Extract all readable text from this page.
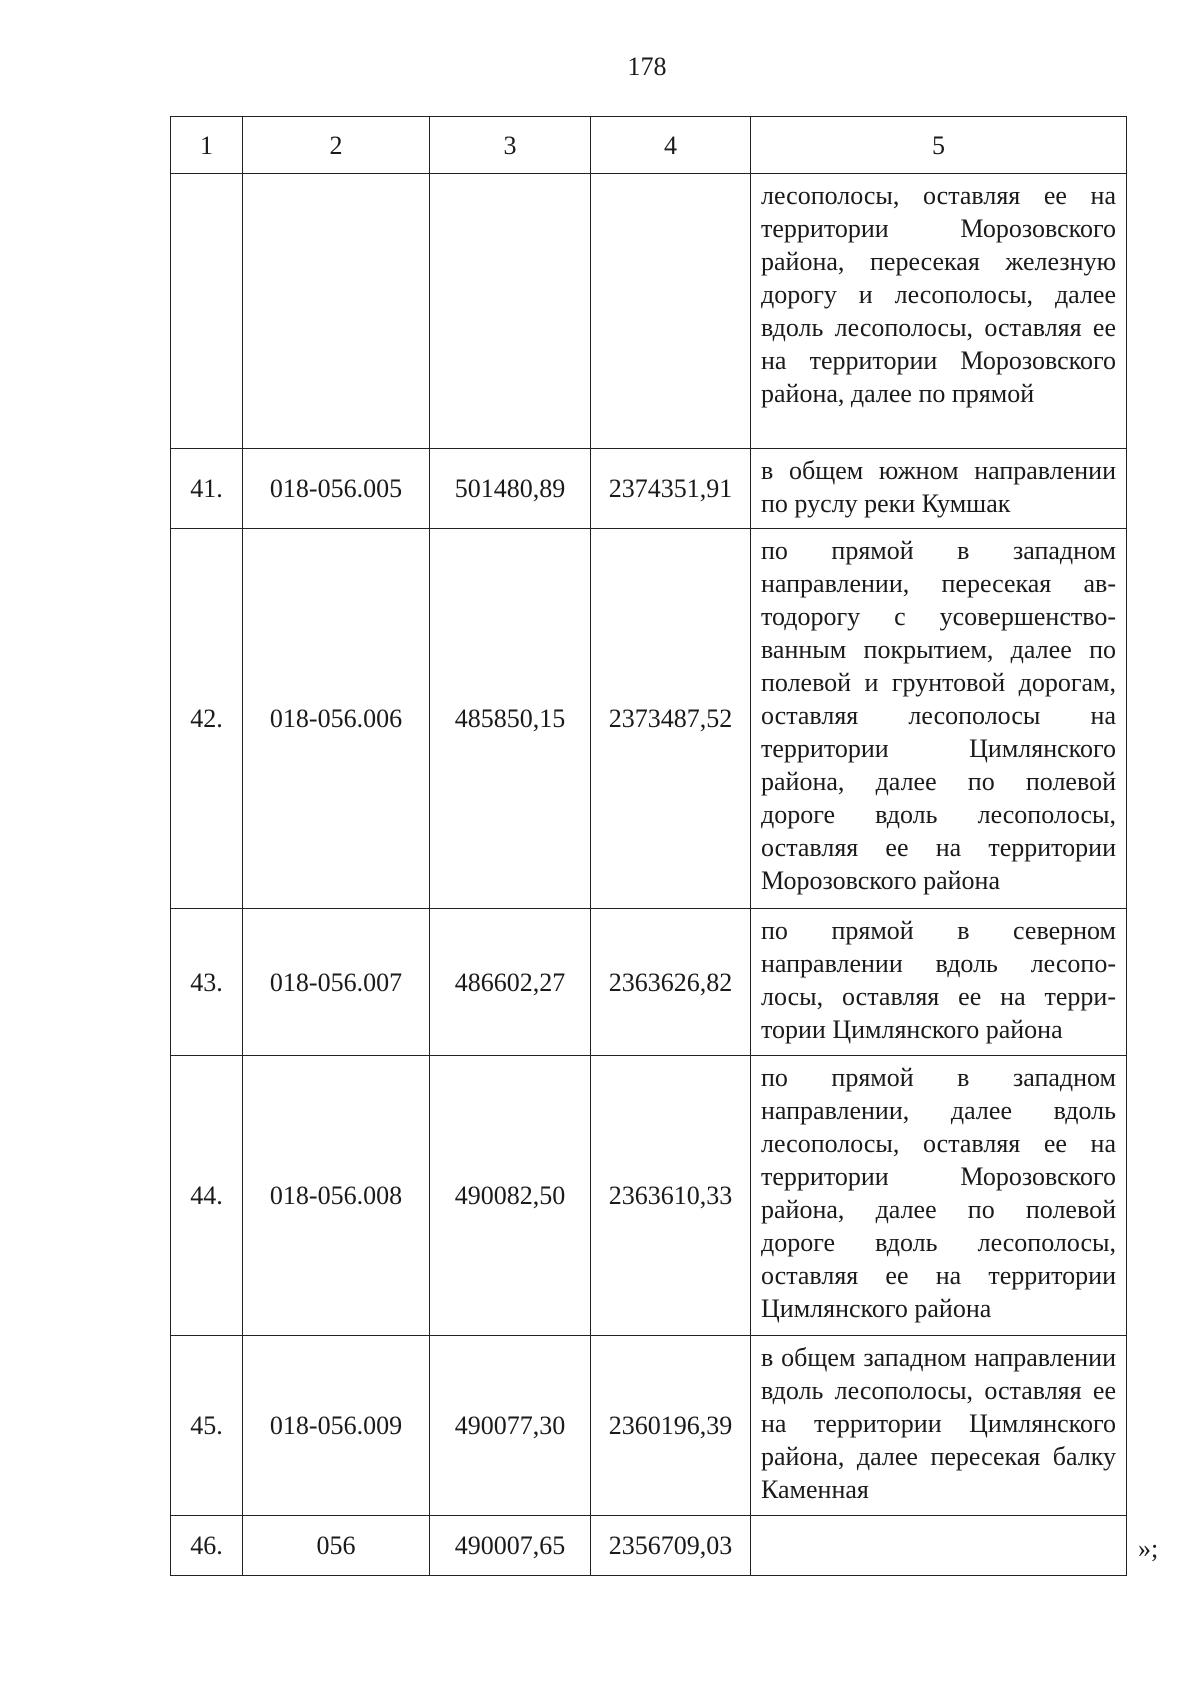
178
1	2	3	4	5
				лесополосы, оставляя ее на территории Морозовского района, пересекая железную дорогу и лесополосы, далее вдоль лесополосы, оставляя ее на территории Морозовского района, далее по прямой
41.	018-056.005	501480,89	2374351,91	в общем южном направлении по руслу реки Кумшак
42.	018-056.006	485850,15	2373487,52	по прямой в западном направлении, пересекая автодорогу с усовершенствованным покрытием, далее по полевой и грунтовой дорогам, оставляя лесополосы на территории Цимлянского района, далее по полевой дороге вдоль лесополосы, оставляя ее на территории Морозовского района
43.	018-056.007	486602,27	2363626,82	по прямой в северном направлении вдоль лесополосы, оставляя ее на территории Цимлянского района
44.	018-056.008	490082,50	2363610,33	по прямой в западном направлении, далее вдоль лесополосы, оставляя ее на территории Морозовского района, далее по полевой дороге вдоль лесополосы, оставляя ее на территории Цимлянского района
45.	018-056.009	490077,30	2360196,39	в общем западном направлении вдоль лесополосы, оставляя ее на территории Цимлянского района, далее пересекая балку Каменная
46.	056	490007,65	2356709,03		»;
